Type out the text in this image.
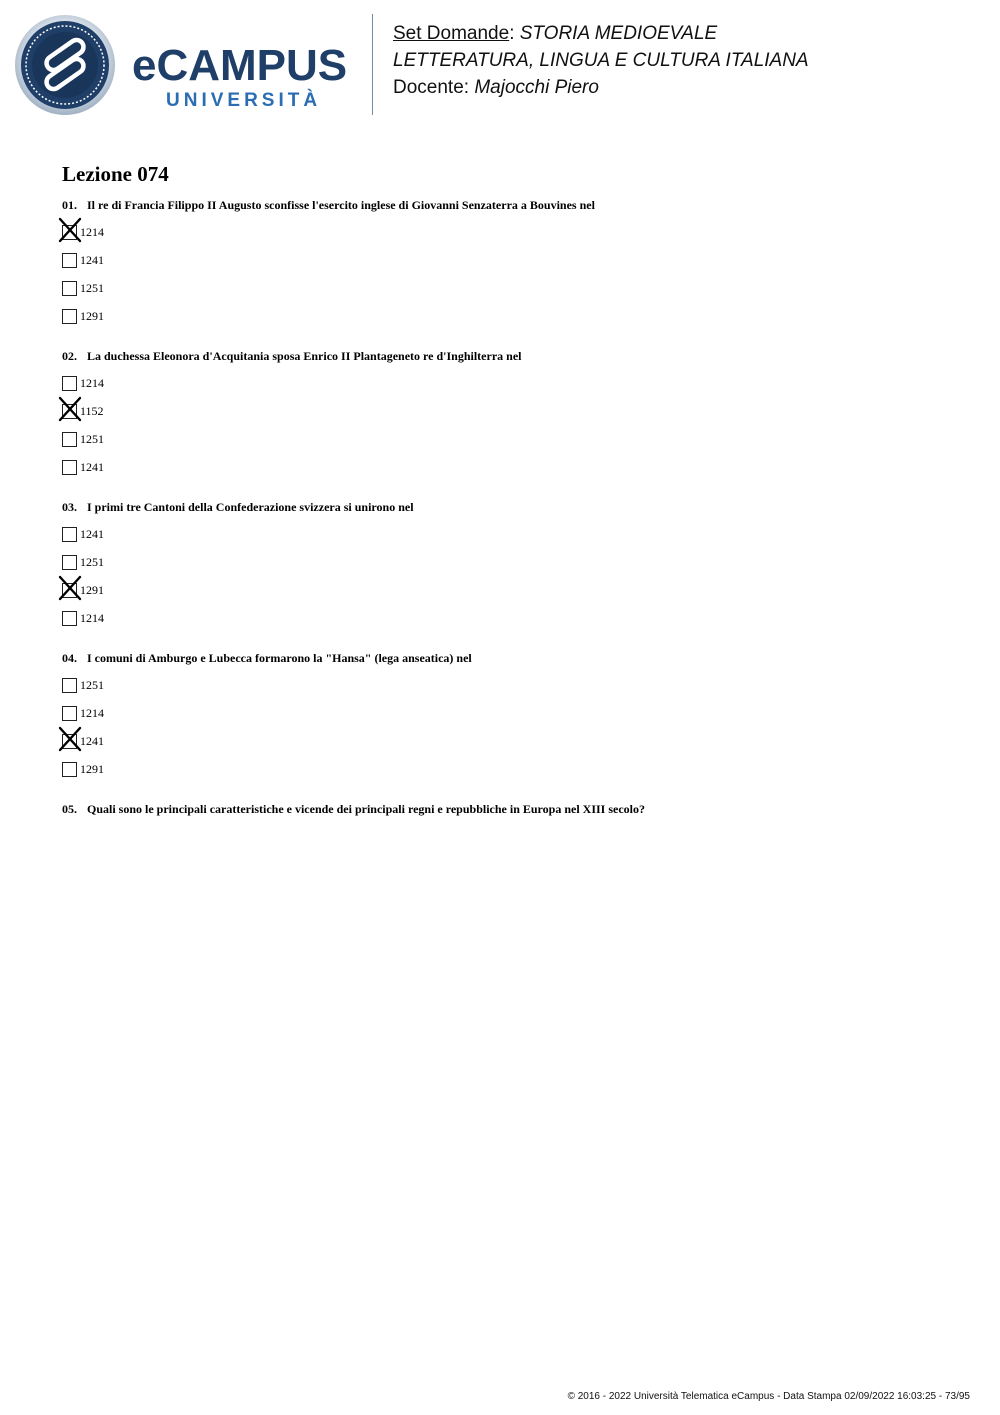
eCAMPUS
UNIVERSITÀ
Set Domande: STORIA MEDIOEVALE
LETTERATURA, LINGUA E CULTURA ITALIANA
Docente: Majocchi Piero
Lezione 074
01. Il re di Francia Filippo II Augusto sconfisse l'esercito inglese di Giovanni Senzaterra a Bouvines nel
1214
1241
1251
1291
02. La duchessa Eleonora d'Acquitania sposa Enrico II Plantageneto re d'Inghilterra nel
1214
1152
1251
1241
03. I primi tre Cantoni della Confederazione svizzera si unirono nel
1241
1251
1291
1214
04. I comuni di Amburgo e Lubecca formarono la "Hansa" (lega anseatica) nel
1251
1214
1241
1291
05. Quali sono le principali caratteristiche e vicende dei principali regni e repubbliche in Europa nel XIII secolo?
© 2016 - 2022 Università Telematica eCampus - Data Stampa 02/09/2022 16:03:25 - 73/95
